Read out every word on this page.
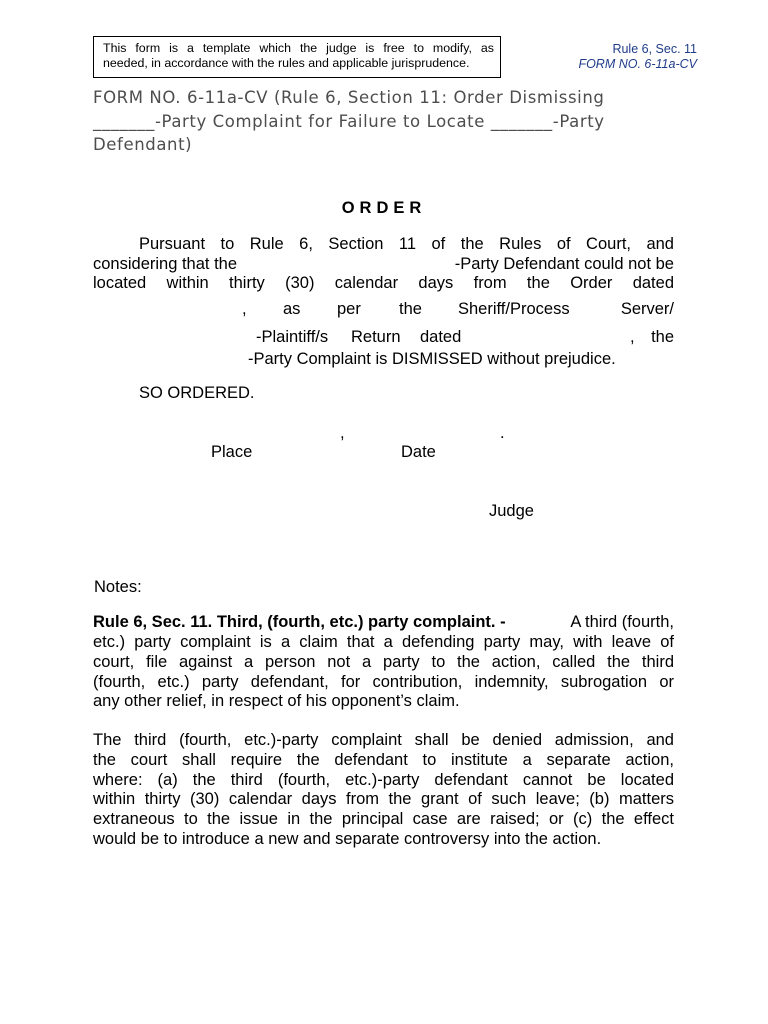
This form is a template which the judge is free to modify, as
needed, in accordance with the rules and applicable jurisprudence.
Rule 6, Sec. 11
FORM NO. 6-11a-CV
FORM NO. 6-11a-CV (Rule 6, Section 11: Order Dismissing
_______-Party Complaint for Failure to Locate _______-Party
Defendant)
ORDER
Pursuant to Rule 6, Section 11 of the Rules of Court, and
considering that the	-Party Defendant could not be
located within thirty (30) calendar days from the Order dated
, as per the Sheriff/Process	Server/
-Plaintiff/s Return dated	, the
-Party Complaint is DISMISSED without prejudice.
SO ORDERED.
,	.
Place	Date
Judge
Notes:
Rule 6, Sec. 11. Third, (fourth, etc.) party complaint. -	A third (fourth,
etc.) party complaint is a claim that a defending party may, with leave of
court, file against a person not a party to the action, called the third
(fourth, etc.) party defendant, for contribution, indemnity, subrogation or
any other relief, in respect of his opponent’s claim.
The third (fourth, etc.)-party complaint shall be denied admission, and
the court shall require the defendant to institute a separate action,
where: (a) the third (fourth, etc.)-party defendant cannot be located
within thirty (30) calendar days from the grant of such leave; (b) matters
extraneous to the issue in the principal case are raised; or (c) the effect
would be to introduce a new and separate controversy into the action.
